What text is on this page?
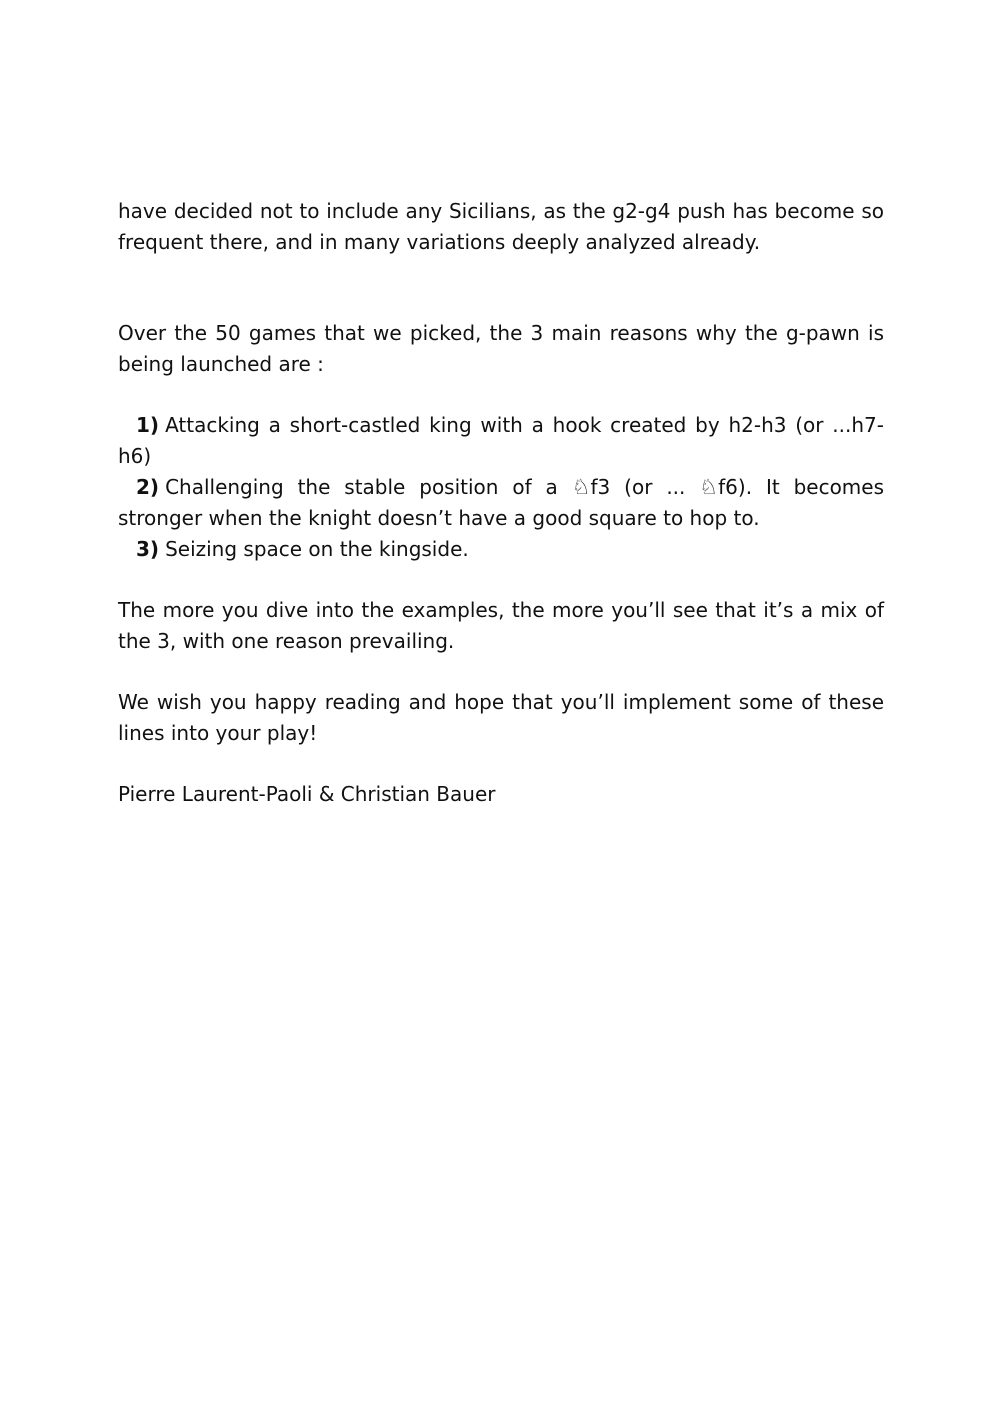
have decided not to include any Sicilians, as the g2-g4 push has become so frequent there, and in many variations deeply analyzed already.

Over the 50 games that we picked, the 3 main reasons why the g-pawn is being launched are :

1) Attacking a short-castled king with a hook created by h2-h3 (or ...h7-h6)

2) Challenging the stable position of a ♘f3 (or ... ♘f6). It becomes stronger when the knight doesn’t have a good square to hop to.

3) Seizing space on the kingside.

The more you dive into the examples, the more you’ll see that it’s a mix of the 3, with one reason prevailing.

We wish you happy reading and hope that you’ll implement some of these lines into your play!

Pierre Laurent-Paoli & Christian Bauer
